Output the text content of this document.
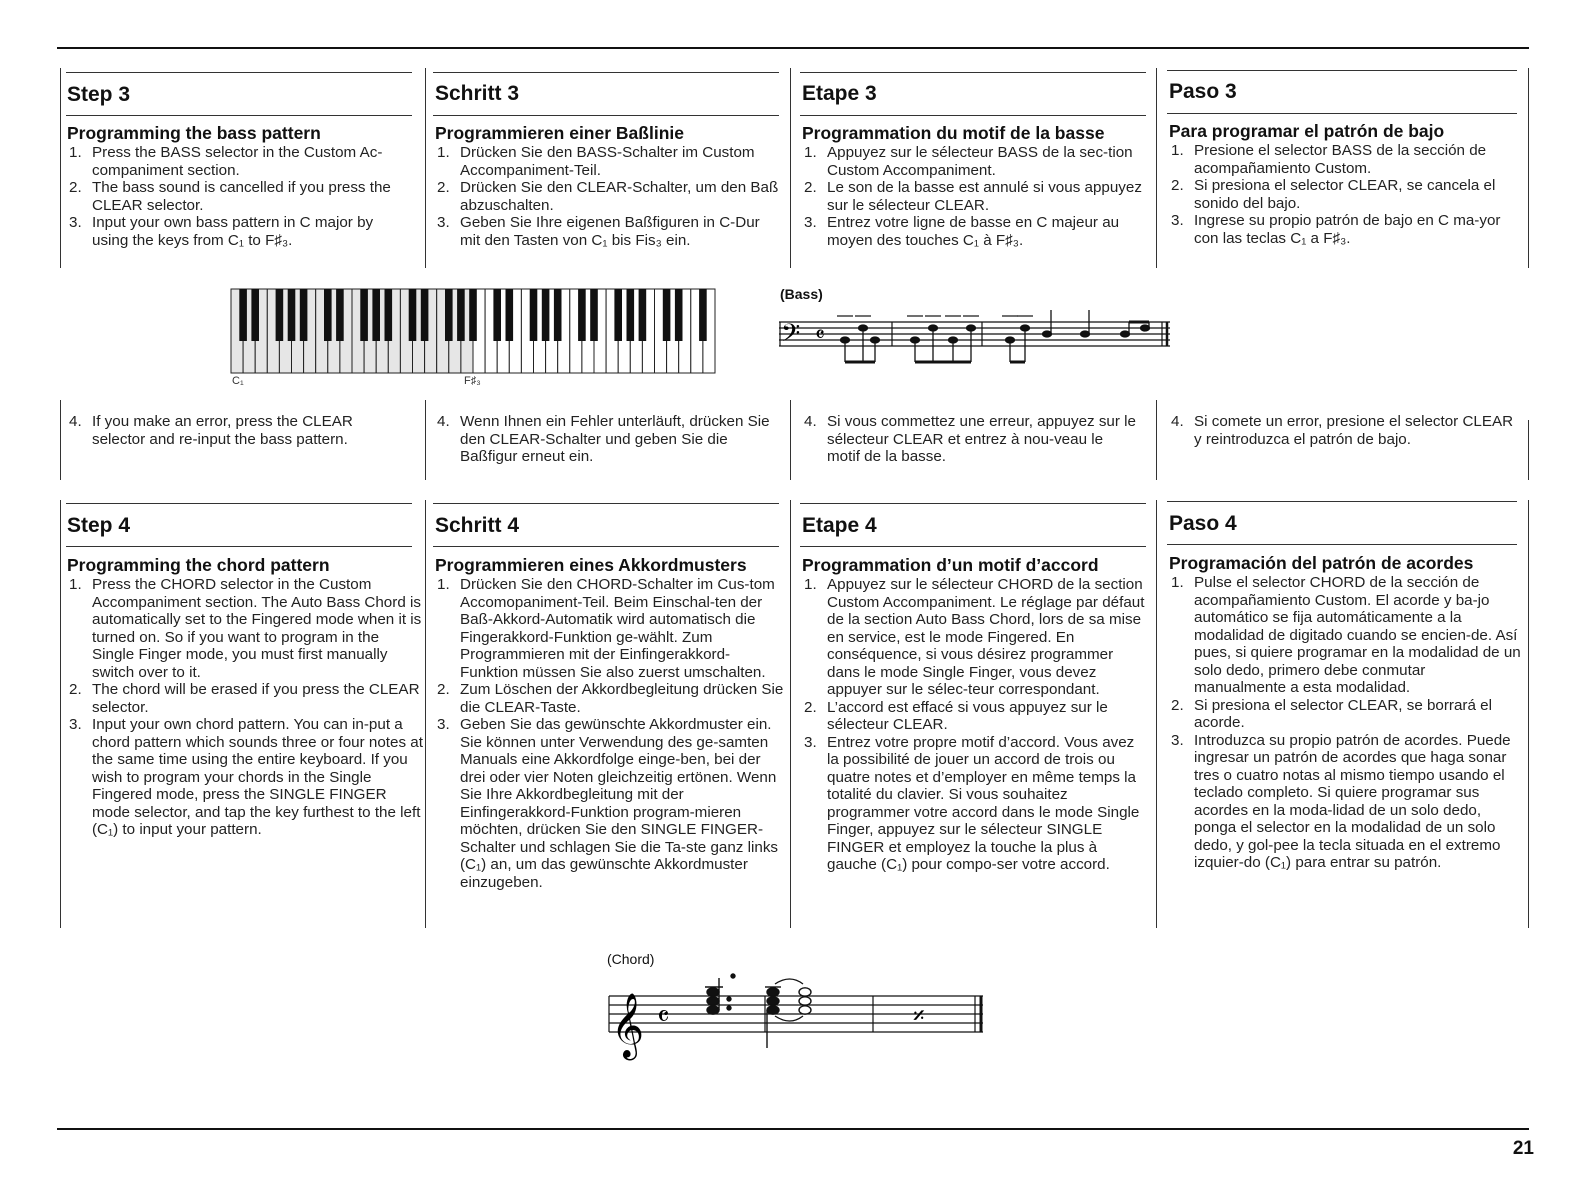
Step 3
Programming the bass pattern
1. Press the BASS selector in the Custom Ac-companiment section.
2. The bass sound is cancelled if you press the CLEAR selector.
3. Input your own bass pattern in C major by using the keys from C₁ to F♯₃.
Schritt 3
Programmieren einer Baßlinie
1. Drücken Sie den BASS-Schalter im Custom Accompaniment-Teil.
2. Drücken Sie den CLEAR-Schalter, um den Baß abzuschalten.
3. Geben Sie Ihre eigenen Baßfiguren in C-Dur mit den Tasten von C₁ bis Fis₃ ein.
Etape 3
Programmation du motif de la basse
1. Appuyez sur le sélecteur BASS de la sec-tion Custom Accompaniment.
2. Le son de la basse est annulé si vous appuyez sur le sélecteur CLEAR.
3. Entrez votre ligne de basse en C majeur au moyen des touches C₁ à F♯₃.
Paso 3
Para programar el patrón de bajo
1. Presione el selector BASS de la sección de acompañamiento Custom.
2. Si presiona el selector CLEAR, se cancela el sonido del bajo.
3. Ingrese su propio patrón de bajo en C ma-yor con las teclas C₁ a F♯₃.
C₁	F♯₃
(Bass)
𝄢 𝄴
4. If you make an error, press the CLEAR selector and re-input the bass pattern.
4. Wenn Ihnen ein Fehler unterläuft, drücken Sie den CLEAR-Schalter und geben Sie die Baßfigur erneut ein.
4. Si vous commettez une erreur, appuyez sur le sélecteur CLEAR et entrez à nou-veau le motif de la basse.
4. Si comete un error, presione el selector CLEAR y reintroduzca el patrón de bajo.
Step 4
Programming the chord pattern
1. Press the CHORD selector in the Custom Accompaniment section. The Auto Bass Chord is automatically set to the Fingered mode when it is turned on. So if you want to program in the Single Finger mode, you must first manually switch over to it.
2. The chord will be erased if you press the CLEAR selector.
3. Input your own chord pattern. You can in-put a chord pattern which sounds three or four notes at the same time using the entire keyboard. If you wish to program your chords in the Single Fingered mode, press the SINGLE FINGER mode selector, and tap the key furthest to the left (C₁) to input your pattern.
Schritt 4
Programmieren eines Akkordmusters
1. Drücken Sie den CHORD-Schalter im Cus-tom Accomopaniment-Teil. Beim Einschal-ten der Baß-Akkord-Automatik wird automatisch die Fingerakkord-Funktion ge-wählt. Zum Programmieren mit der Einfingerakkord-Funktion müssen Sie also zuerst umschalten.
2. Zum Löschen der Akkordbegleitung drücken Sie die CLEAR-Taste.
3. Geben Sie das gewünschte Akkordmuster ein. Sie können unter Verwendung des ge-samten Manuals eine Akkordfolge einge-ben, bei der drei oder vier Noten gleichzeitig ertönen. Wenn Sie Ihre Akkordbegleitung mit der Einfingerakkord-Funktion program-mieren möchten, drücken Sie den SINGLE FINGER-Schalter und schlagen Sie die Ta-ste ganz links (C₁) an, um das gewünschte Akkordmuster einzugeben.
Etape 4
Programmation d’un motif d’accord
1. Appuyez sur le sélecteur CHORD de la section Custom Accompaniment. Le réglage par défaut de la section Auto Bass Chord, lors de sa mise en service, est le mode Fingered. En conséquence, si vous désirez programmer dans le mode Single Finger, vous devez appuyer sur le sélec-teur correspondant.
2. L’accord est effacé si vous appuyez sur le sélecteur CLEAR.
3. Entrez votre propre motif d’accord. Vous avez la possibilité de jouer un accord de trois ou quatre notes et d’employer en même temps la totalité du clavier. Si vous souhaitez programmer votre accord dans le mode Single Finger, appuyez sur le sélecteur SINGLE FINGER et employez la touche la plus à gauche (C₁) pour compo-ser votre accord.
Paso 4
Programación del patrón de acordes
1. Pulse el selector CHORD de la sección de acompañamiento Custom. El acorde y ba-jo automático se fija automáticamente a la modalidad de digitado cuando se encien-de. Así pues, si quiere programar en la modalidad de un solo dedo, primero debe conmutar manualmente a esta modalidad.
2. Si presiona el selector CLEAR, se borrará el acorde.
3. Introduzca su propio patrón de acordes. Puede ingresar un patrón de acordes que haga sonar tres o cuatro notas al mismo tiempo usando el teclado completo. Si quiere programar sus acordes en la moda-lidad de un solo dedo, ponga el selector en la modalidad de un solo dedo, y gol-pee la tecla situada en el extremo izquier-do (C₁) para entrar su patrón.
(Chord)
𝄞 𝄴	𝄎
21
